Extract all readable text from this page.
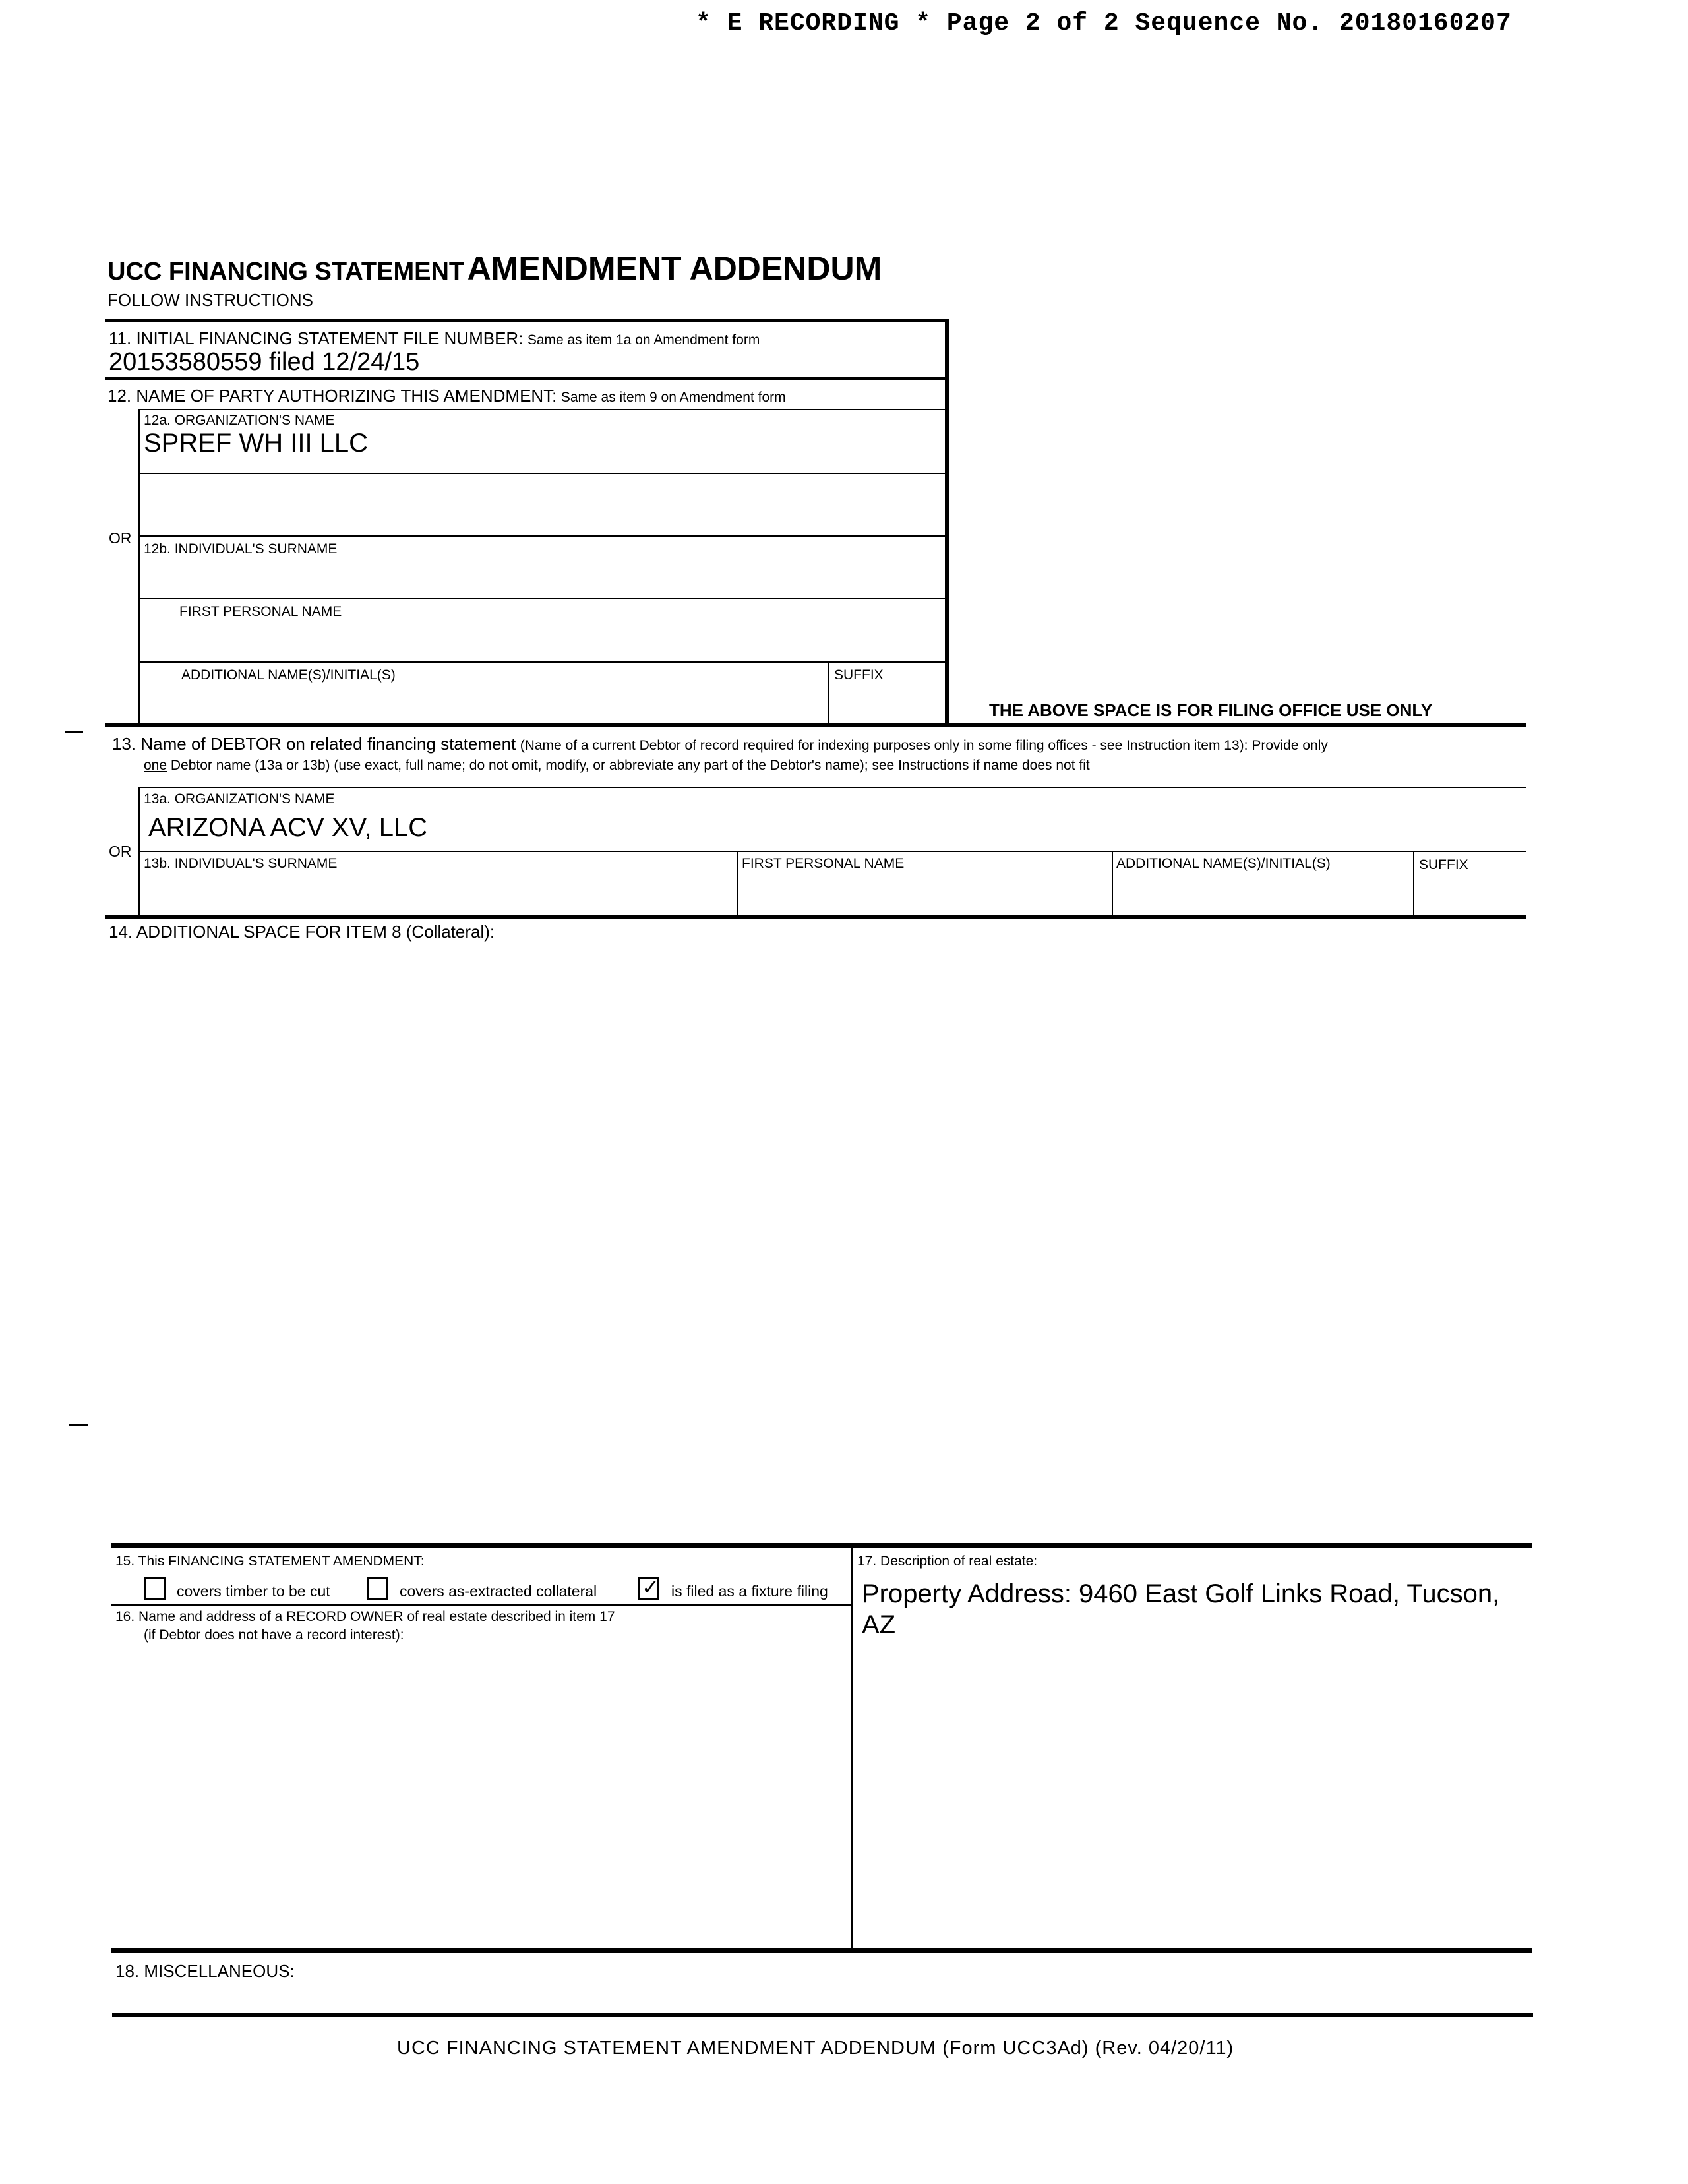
* E RECORDING * Page 2 of 2 Sequence No. 20180160207
UCC FINANCING STATEMENT AMENDMENT ADDENDUM
FOLLOW INSTRUCTIONS
11. INITIAL FINANCING STATEMENT FILE NUMBER: Same as item 1a on Amendment form
20153580559 filed 12/24/15
12. NAME OF PARTY AUTHORIZING THIS AMENDMENT: Same as item 9 on Amendment form
12a. ORGANIZATION'S NAME
SPREF WH III LLC
OR
12b. INDIVIDUAL'S SURNAME
FIRST PERSONAL NAME
ADDITIONAL NAME(S)/INITIAL(S)	SUFFIX
THE ABOVE SPACE IS FOR FILING OFFICE USE ONLY
13. Name of DEBTOR on related financing statement (Name of a current Debtor of record required for indexing purposes only in some filing offices - see Instruction item 13): Provide only
one Debtor name (13a or 13b) (use exact, full name; do not omit, modify, or abbreviate any part of the Debtor's name); see Instructions if name does not fit
13a. ORGANIZATION'S NAME
ARIZONA ACV XV, LLC
OR
13b. INDIVIDUAL'S SURNAME	FIRST PERSONAL NAME	ADDITIONAL NAME(S)/INITIAL(S)	SUFFIX
14. ADDITIONAL SPACE FOR ITEM 8 (Collateral):
15. This FINANCING STATEMENT AMENDMENT:
covers timber to be cut	covers as-extracted collateral ✓ is filed as a fixture filing
16. Name and address of a RECORD OWNER of real estate described in item 17
(if Debtor does not have a record interest):
17. Description of real estate:
Property Address: 9460 East Golf Links Road, Tucson,
AZ
18. MISCELLANEOUS:
UCC FINANCING STATEMENT AMENDMENT ADDENDUM (Form UCC3Ad) (Rev. 04/20/11)
